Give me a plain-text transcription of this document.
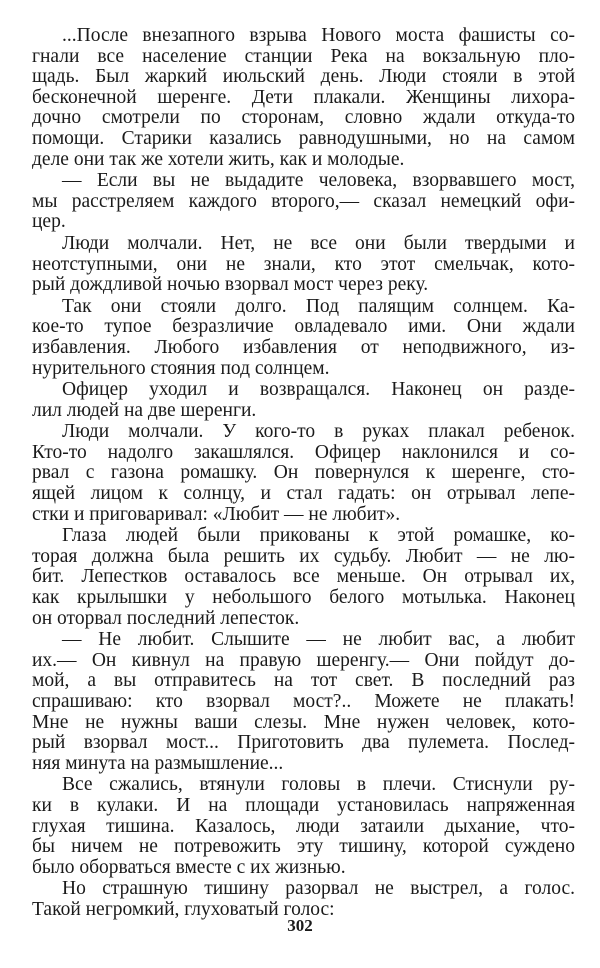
...После внезапного взрыва Нового моста фашисты со-
гнали все население станции Река на вокзальную пло-
щадь. Был жаркий июльский день. Люди стояли в этой
бесконечной шеренге. Дети плакали. Женщины лихора-
дочно смотрели по сторонам, словно ждали откуда-то
помощи. Старики казались равнодушными, но на самом
деле они так же хотели жить, как и молодые.
— Если вы не выдадите человека, взорвавшего мост,
мы расстреляем каждого второго,— сказал немецкий офи-
цер.
Люди молчали. Нет, не все они были твердыми и
неотступными, они не знали, кто этот смельчак, кото-
рый дождливой ночью взорвал мост через реку.
Так они стояли долго. Под палящим солнцем. Ка-
кое-то тупое безразличие овладевало ими. Они ждали
избавления. Любого избавления от неподвижного, из-
нурительного стояния под солнцем.
Офицер уходил и возвращался. Наконец он разде-
лил людей на две шеренги.
Люди молчали. У кого-то в руках плакал ребенок.
Кто-то надолго закашлялся. Офицер наклонился и со-
рвал с газона ромашку. Он повернулся к шеренге, сто-
ящей лицом к солнцу, и стал гадать: он отрывал лепе-
стки и приговаривал: «Любит — не любит».
Глаза людей были прикованы к этой ромашке, ко-
торая должна была решить их судьбу. Любит — не лю-
бит. Лепестков оставалось все меньше. Он отрывал их,
как крылышки у небольшого белого мотылька. Наконец
он оторвал последний лепесток.
— Не любит. Слышите — не любит вас, а любит
их.— Он кивнул на правую шеренгу.— Они пойдут до-
мой, а вы отправитесь на тот свет. В последний раз
спрашиваю: кто взорвал мост?.. Можете не плакать!
Мне не нужны ваши слезы. Мне нужен человек, кото-
рый взорвал мост... Приготовить два пулемета. Послед-
няя минута на размышление...
Все сжались, втянули головы в плечи. Стиснули ру-
ки в кулаки. И на площади установилась напряженная
глухая тишина. Казалось, люди затаили дыхание, что-
бы ничем не потревожить эту тишину, которой суждено
было оборваться вместе с их жизнью.
Но страшную тишину разорвал не выстрел, а голос.
Такой негромкий, глуховатый голос:
302
